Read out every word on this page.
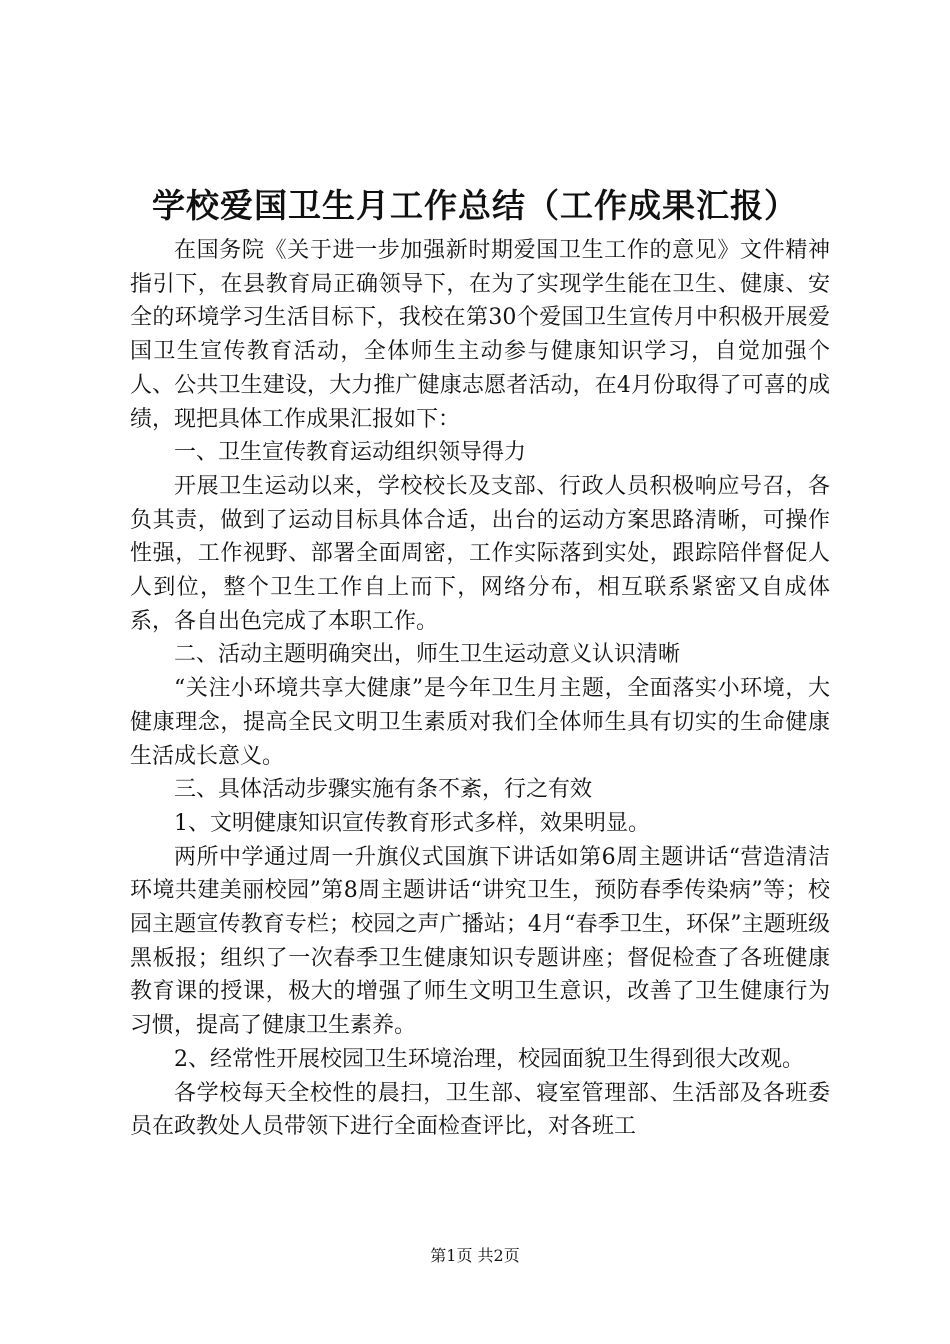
学校爱国卫生月工作总结（工作成果汇报）

在国务院《关于进一步加强新时期爱国卫生工作的意见》文件精神指引下，在县教育局正确领导下，在为了实现学生能在卫生、健康、安全的环境学习生活目标下，我校在第30个爱国卫生宣传月中积极开展爱国卫生宣传教育活动，全体师生主动参与健康知识学习，自觉加强个人、公共卫生建设，大力推广健康志愿者活动，在4月份取得了可喜的成绩，现把具体工作成果汇报如下：

一、卫生宣传教育运动组织领导得力

开展卫生运动以来，学校校长及支部、行政人员积极响应号召，各负其责，做到了运动目标具体合适，出台的运动方案思路清晰，可操作性强，工作视野、部署全面周密，工作实际落到实处，跟踪陪伴督促人人到位，整个卫生工作自上而下，网络分布，相互联系紧密又自成体系，各自出色完成了本职工作。

二、活动主题明确突出，师生卫生运动意义认识清晰

“关注小环境共享大健康”是今年卫生月主题，全面落实小环境，大健康理念，提高全民文明卫生素质对我们全体师生具有切实的生命健康生活成长意义。

三、具体活动步骤实施有条不紊，行之有效

1、文明健康知识宣传教育形式多样，效果明显。

两所中学通过周一升旗仪式国旗下讲话如第6周主题讲话“营造清洁环境共建美丽校园”第8周主题讲话“讲究卫生，预防春季传染病”等；校园主题宣传教育专栏；校园之声广播站；4月“春季卫生，环保”主题班级黑板报；组织了一次春季卫生健康知识专题讲座；督促检查了各班健康教育课的授课，极大的增强了师生文明卫生意识，改善了卫生健康行为习惯，提高了健康卫生素养。

2、经常性开展校园卫生环境治理，校园面貌卫生得到很大改观。

各学校每天全校性的晨扫，卫生部、寝室管理部、生活部及各班委员在政教处人员带领下进行全面检查评比，对各班工

第1页 共2页
